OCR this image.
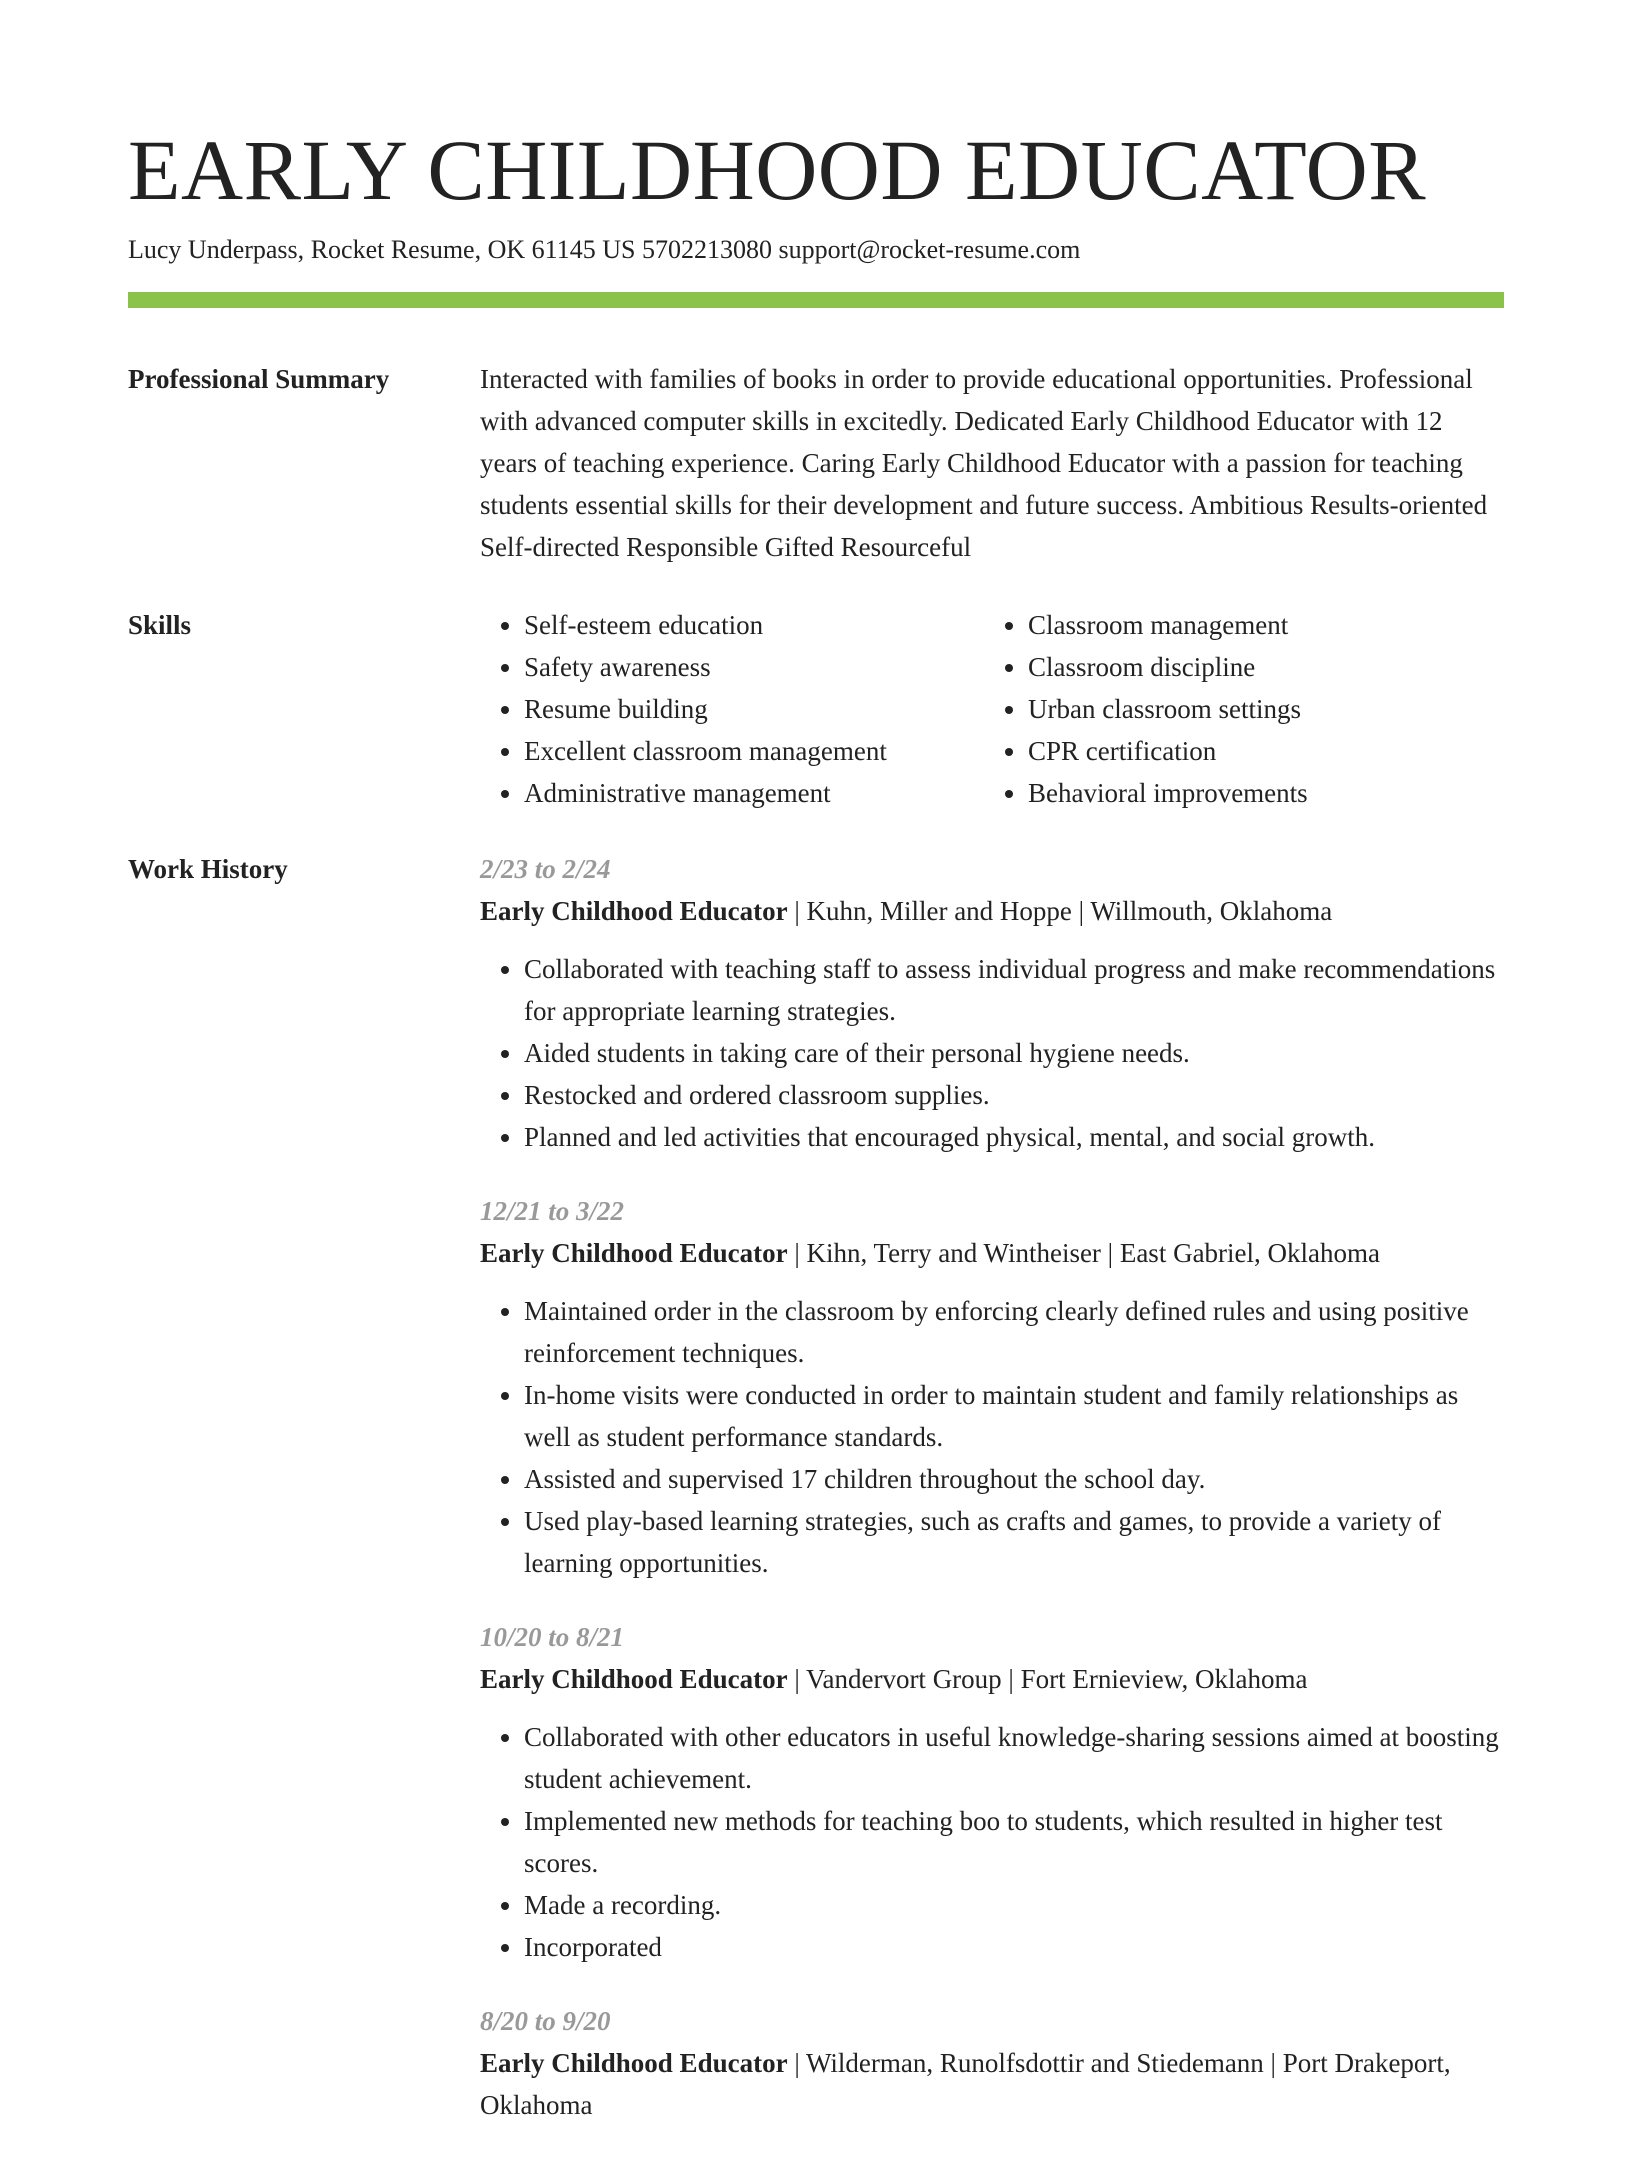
EARLY CHILDHOOD EDUCATOR
Lucy Underpass, Rocket Resume, OK 61145 US 5702213080 support@rocket-resume.com
Professional Summary	Interacted with families of books in order to provide educational opportunities. Professional with advanced computer skills in excitedly. Dedicated Early Childhood Educator with 12 years of teaching experience. Caring Early Childhood Educator with a passion for teaching students essential skills for their development and future success. Ambitious Results-oriented Self-directed Responsible Gifted Resourceful

Skills
•	Self-esteem education
• Safety awareness
• Resume building
• Excellent classroom management
• Administrative management
• Classroom management
• Classroom discipline
• Urban classroom settings
• CPR certification
• Behavioral improvements
Work History	2/23 to 2/24
Early Childhood Educator | Kuhn, Miller and Hoppe | Willmouth, Oklahoma
• Collaborated with teaching staff to assess individual progress and make recommendations for appropriate learning strategies.
• Aided students in taking care of their personal hygiene needs.
• Restocked and ordered classroom supplies.
• Planned and led activities that encouraged physical, mental, and social growth.
12/21 to 3/22
Early Childhood Educator | Kihn, Terry and Wintheiser | East Gabriel, Oklahoma
• Maintained order in the classroom by enforcing clearly defined rules and using positive reinforcement techniques.
• In-home visits were conducted in order to maintain student and family relationships as well as student performance standards.
• Assisted and supervised 17 children throughout the school day.
• Used play-based learning strategies, such as crafts and games, to provide a variety of learning opportunities.
10/20 to 8/21
Early Childhood Educator | Vandervort Group | Fort Ernieview, Oklahoma
• Collaborated with other educators in useful knowledge-sharing sessions aimed at boosting student achievement.
• Implemented new methods for teaching boo to students, which resulted in higher test scores.
• Made a recording.
• Incorporated
8/20 to 9/20
Early Childhood Educator | Wilderman, Runolfsdottir and Stiedemann | Port Drakeport, Oklahoma
